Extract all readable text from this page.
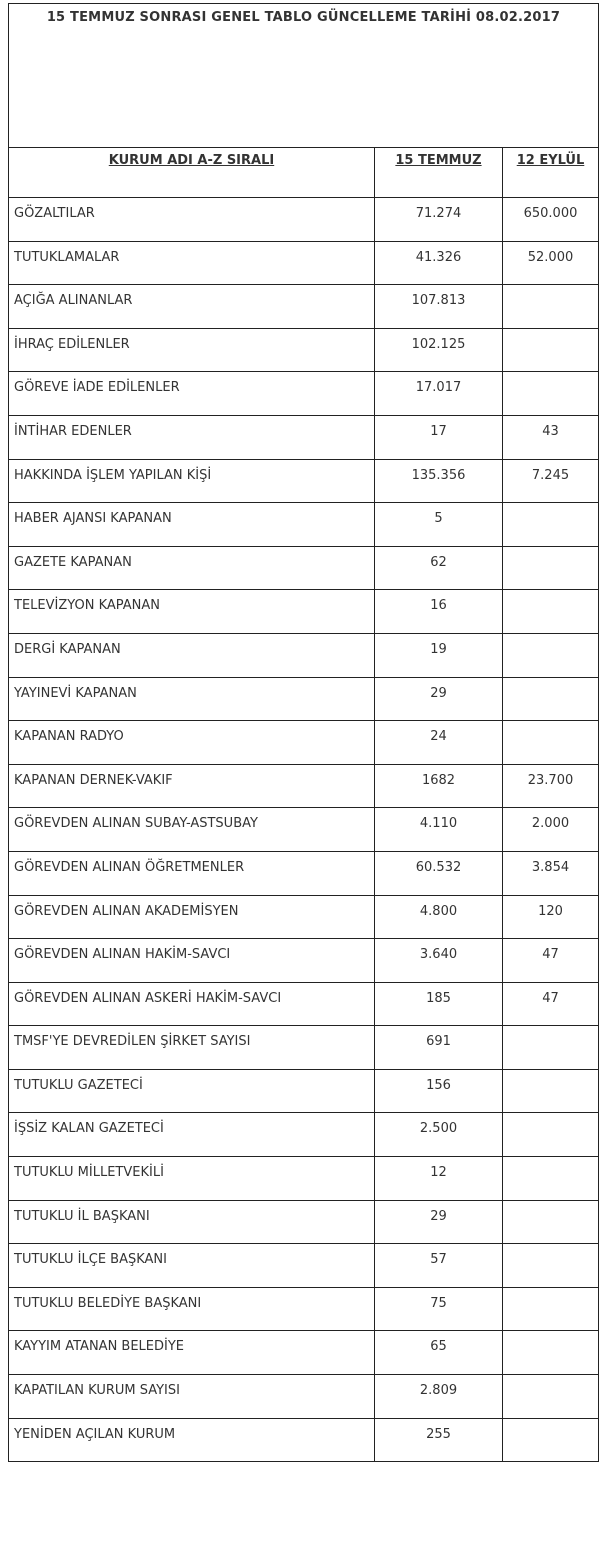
15 TEMMUZ SONRASI GENEL TABLO GÜNCELLEME TARİHİ 08.02.2017		
KURUM ADI A-Z SIRALI	15 TEMMUZ	12 EYLÜL
GÖZALTILAR	71.274	650.000
TUTUKLAMALAR	41.326	52.000
AÇIĞA ALINANLAR	107.813	
İHRAÇ EDİLENLER	102.125	
GÖREVE İADE EDİLENLER	17.017	
İNTİHAR EDENLER	17	43
HAKKINDA İŞLEM YAPILAN KİŞİ	135.356	7.245
HABER AJANSI KAPANAN	5	
GAZETE KAPANAN	62	
TELEVİZYON KAPANAN	16	
DERGİ KAPANAN	19	
YAYINEVİ KAPANAN	29	
KAPANAN RADYO	24	
KAPANAN DERNEK-VAKIF	1682	23.700
GÖREVDEN ALINAN SUBAY-ASTSUBAY	4.110	2.000
GÖREVDEN ALINAN ÖĞRETMENLER	60.532	3.854
GÖREVDEN ALINAN AKADEMİSYEN	4.800	120
GÖREVDEN ALINAN HAKİM-SAVCI	3.640	47
GÖREVDEN ALINAN ASKERİ HAKİM-SAVCI	185	47
TMSF'YE DEVREDİLEN ŞİRKET SAYISI	691	
TUTUKLU GAZETECİ	156	
İŞSİZ KALAN GAZETECİ	2.500	
TUTUKLU MİLLETVEKİLİ	12	
TUTUKLU İL BAŞKANI	29	
TUTUKLU İLÇE BAŞKANI	57	
TUTUKLU BELEDİYE BAŞKANI	75	
KAYYIM ATANAN BELEDİYE	65	
KAPATILAN KURUM SAYISI	2.809	
YENİDEN AÇILAN KURUM	255	
